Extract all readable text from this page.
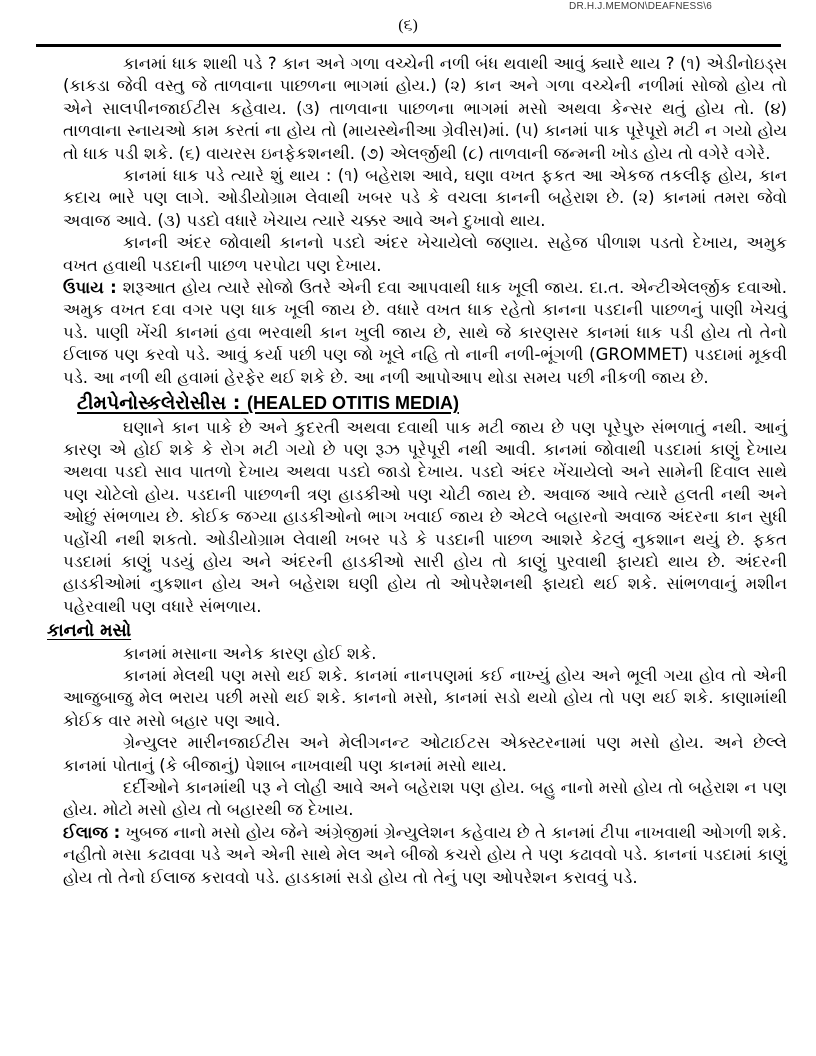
DR.H.J.MEMON\DEAFNESS\6
(૬)

કાનમાં ધાક શાથી પડે ? કાન અને ગળા વચ્ચેની નળી બંધ થવાથી આવું ક્યારે થાય ? (૧) એડીનોઇડ્સ (કાકડા જેવી વસ્તુ જે તાળવાના પાછળના ભાગમાં હોય.) (૨) કાન અને ગળા વચ્ચેની નળીમાં સોજો હોય તો એને સાલપીનજાઈટીસ કહેવાય. (૩) તાળવાના પાછળના ભાગમાં મસો અથવા કેન્સર થતું હોય તો. (૪) તાળવાના સ્નાયઓ કામ કરતાં ના હોય તો (માયસ્થેનીઆ ગ્રેવીસ)માં. (૫) કાનમાં પાક પૂરેપૂરો મટી ન ગયો હોય તો ધાક પડી શકે. (૬) વાયરસ ઇનફેકશનથી. (૭) એલર્જીથી (૮) તાળવાની જન્મની ખોડ હોય તો વગેરે વગેરે.

કાનમાં ધાક પડે ત્યારે શું થાય : (૧) બહેરાશ આવે, ઘણા વખત ફકત આ એકજ તકલીફ હોય, કાન કદાચ ભારે પણ લાગે. ઓડીયોગ્રામ લેવાથી ખબર પડે કે વચલા કાનની બહેરાશ છે. (૨) કાનમાં તમરા જેવો અવાજ આવે. (૩) પડદો વધારે ખેચાય ત્યારે ચક્કર આવે અને દુખાવો થાય.

કાનની અંદર જોવાથી કાનનો પડદો અંદર ખેચાયેલો જણાય. સહેજ પીળાશ પડતો દેખાય, અમુક વખત હવાથી પડદાની પાછળ પરપોટા પણ દેખાય.

ઉપાય : શરૂઆત હોય ત્યારે સોજો ઉતરે એની દવા આપવાથી ધાક ખૂલી જાય. દા.ત. એન્ટીએલર્જીક દવાઓ. અમુક વખત દવા વગર પણ ધાક ખૂલી જાય છે. વધારે વખત ધાક રહેતો કાનના પડદાની પાછળનું પાણી ખેચવું પડે. પાણી ખેંચી કાનમાં હવા ભરવાથી કાન ખુલી જાય છે, સાથે જે કારણસર કાનમાં ધાક પડી હોય તો તેનો ઈલાજ પણ કરવો પડે. આવું કર્યા પછી પણ જો ખૂલે નહિ તો નાની નળી-ભૂંગળી (GROMMET) પડદામાં મૂકવી પડે. આ નળી થી હવામાં હેરફેર થઈ શકે છે. આ નળી આપોઆપ થોડા સમય પછી નીકળી જાય છે.

ટીમપેનોસ્કલેરોસીસ : (HEALED OTITIS MEDIA)

ઘણાને કાન પાકે છે અને કુદરતી અથવા દવાથી પાક મટી જાય છે પણ પૂરેપુરુ સંભળાતું નથી. આનું કારણ એ હોઈ શકે કે રોગ મટી ગયો છે પણ રૂઝ પૂરેપૂરી નથી આવી. કાનમાં જોવાથી પડદામાં કાણું દેખાય અથવા પડદો સાવ પાતળો દેખાય અથવા પડદો જાડો દેખાય. પડદો અંદર ખેંચાયેલો અને સામેની દિવાલ સાથે પણ ચોટેલો હોય. પડદાની પાછળની ત્રણ હાડકીઓ પણ ચોટી જાય છે. અવાજ આવે ત્યારે હલતી નથી અને ઓછું સંભળાય છે. કોઈક જગ્યા હાડકીઓનો ભાગ ખવાઈ જાય છે એટલે બહારનો અવાજ અંદરના કાન સુધી પહોંચી નથી શકતો. ઓડીયોગ્રામ લેવાથી ખબર પડે કે પડદાની પાછળ આશરે કેટલું નુકશાન થયું છે. ફકત પડદામાં કાણું પડયું હોય અને અંદરની હાડકીઓ સારી હોય તો કાણું પુરવાથી ફાયદો થાય છે. અંદરની હાડકીઓમાં નુકશાન હોય અને બહેરાશ ઘણી હોય તો ઓપરેશનથી ફાયદો થઈ શકે. સાંભળવાનું મશીન પહેરવાથી પણ વધારે સંભળાય.

કાનનો મસો

કાનમાં મસાના અનેક કારણ હોઈ શકે.

કાનમાં મેલથી પણ મસો થઈ શકે. કાનમાં નાનપણમાં કઈ નાખ્યું હોય અને ભૂલી ગયા હોવ તો એની આજુબાજુ મેલ ભરાય પછી મસો થઈ શકે. કાનનો મસો, કાનમાં સડો થયો હોય તો પણ થઈ શકે. કાણામાંથી કોઈક વાર મસો બહાર પણ આવે.

ગ્રેન્યુલર મારીનજાઈટીસ અને મેલીગનન્ટ ઓટાઈટસ એક્સ્ટરનામાં પણ મસો હોય. અને છેલ્લે કાનમાં પોતાનું (કે બીજાનું) પેશાબ નાખવાથી પણ કાનમાં મસો થાય.

દર્દીઓને કાનમાંથી પરૂ ને લોહી આવે અને બહેરાશ પણ હોય. બહુ નાનો મસો હોય તો બહેરાશ ન પણ હોય. મોટો મસો હોય તો બહારથી જ દેખાય.

ઈલાજ : ખુબજ નાનો મસો હોય જેને અંગ્રેજીમાં ગ્રેન્યુલેશન કહેવાય છે તે કાનમાં ટીપા નાખવાથી ઓગળી શકે. નહીતો મસા કઢાવવા પડે અને એની સાથે મેલ અને બીજો કચરો હોય તે પણ કઢાવવો પડે. કાનનાં પડદામાં કાણું હોય તો તેનો ઈલાજ કરાવવો પડે. હાડકામાં સડો હોય તો તેનું પણ ઓપરેશન કરાવવું પડે.
